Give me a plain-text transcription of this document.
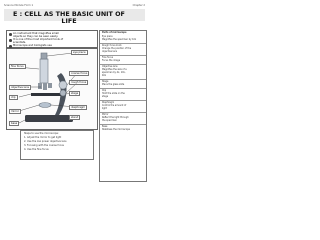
Science Module Form 1	Chapter 2
E : CELL AS THE BASIC UNIT OF
LIFE
An instrument that magnifies small
objects so they can be seen easily.
It is one of the most important tools of
scientists.
Microscope and biologists use
eye piece
fine focus
coarse focus
rough focus
objective lens
stage
clip
diaphragm
mirror
stand
base
Steps to use the microscope:
1. Adjust the mirror to get light
2. Use the low power objective lens
3. Focusing with the coarse focus
4. Use the fine focus
Parts of microscope
Eye piece
Magnifies the specimen by 10x
Rough focus knob
Change the position of the
objective lens
Fine focus
Focus the image
Objective lens
Magnifies the size of a
specimen by 4x, 10x,
40x
Stage
Place the glass slide
Clip
Hold the slide on the
stage
Diaphragm
Control the amount of
light
Mirror
Reflect the light through
the specimen
Base
Stabilises the microscope
